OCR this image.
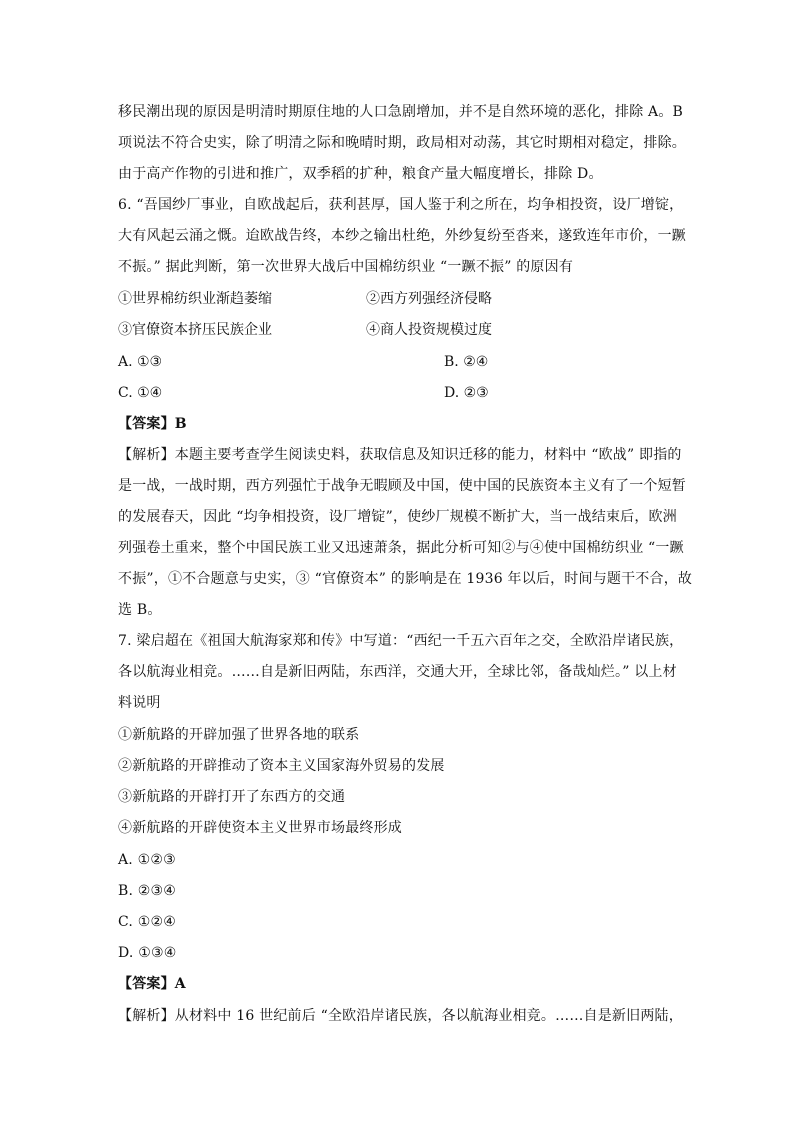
移民潮出现的原因是明清时期原住地的人口急剧增加，并不是自然环境的恶化，排除 A。B
项说法不符合史实，除了明清之际和晚晴时期，政局相对动荡，其它时期相对稳定，排除。
由于高产作物的引进和推广，双季稻的扩种，粮食产量大幅度增长，排除 D。
6. “吾国纱厂事业，自欧战起后，获利甚厚，国人鉴于利之所在，均争相投资，设厂增锭，
大有风起云涌之慨。迨欧战告终，本纱之输出杜绝，外纱复纷至沓来，遂致连年市价，一蹶
不振。” 据此判断，第一次世界大战后中国棉纺织业 “一蹶不振” 的原因有
①世界棉纺织业渐趋萎缩	②西方列强经济侵略
③官僚资本挤压民族企业	④商人投资规模过度
A. ①③	B. ②④
C. ①④	D. ②③
【答案】B
【解析】本题主要考查学生阅读史料，获取信息及知识迁移的能力，材料中 “欧战” 即指的
是一战，一战时期，西方列强忙于战争无暇顾及中国，使中国的民族资本主义有了一个短暂
的发展春天，因此 “均争相投资，设厂增锭”，使纱厂规模不断扩大，当一战结束后，欧洲
列强卷土重来，整个中国民族工业又迅速萧条，据此分析可知②与④使中国棉纺织业 “一蹶
不振”，①不合题意与史实，③ “官僚资本” 的影响是在 1936 年以后，时间与题干不合，故
选 B。
7. 梁启超在《祖国大航海家郑和传》中写道：“西纪一千五六百年之交，全欧沿岸诸民族，
各以航海业相竞。……自是新旧两陆，东西洋，交通大开，全球比邻，备哉灿烂。” 以上材
料说明
①新航路的开辟加强了世界各地的联系
②新航路的开辟推动了资本主义国家海外贸易的发展
③新航路的开辟打开了东西方的交通
④新航路的开辟使资本主义世界市场最终形成
A. ①②③
B. ②③④
C. ①②④
D. ①③④
【答案】A
【解析】从材料中 16 世纪前后 “全欧沿岸诸民族，各以航海业相竞。……自是新旧两陆，
